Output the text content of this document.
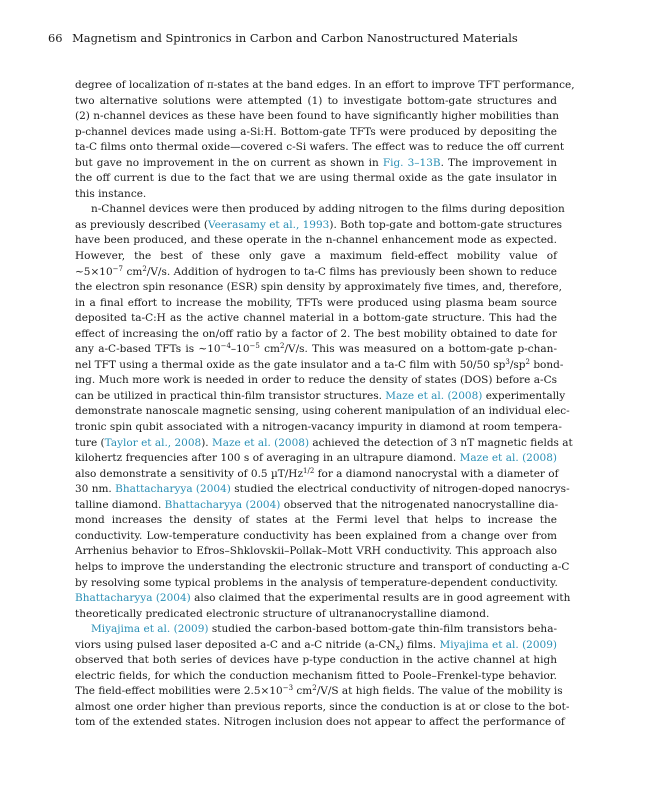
66 Magnetism and Spintronics in Carbon and Carbon Nanostructured Materials
degree of localization of π-states at the band edges. In an effort to improve TFT performance,
two alternative solutions were attempted (1) to investigate bottom-gate structures and
(2) n-channel devices as these have been found to have significantly higher mobilities than
p-channel devices made using a-Si:H. Bottom-gate TFTs were produced by depositing the
ta-C films onto thermal oxide—covered c-Si wafers. The effect was to reduce the off current
but gave no improvement in the on current as shown in Fig. 3–13B. The improvement in
the off current is due to the fact that we are using thermal oxide as the gate insulator in
this instance.
n-Channel devices were then produced by adding nitrogen to the films during deposition
as previously described (Veerasamy et al., 1993). Both top-gate and bottom-gate structures
have been produced, and these operate in the n-channel enhancement mode as expected.
However, the best of these only gave a maximum field-effect mobility value of
$\sim 5\times 10^{-7}$ $cm^2/V/s$. Addition of hydrogen to ta-C films has previously been shown to reduce
the electron spin resonance (ESR) spin density by approximately five times, and, therefore,
in a final effort to increase the mobility, TFTs were produced using plasma beam source
deposited ta-C:H as the active channel material in a bottom-gate structure. This had the
effect of increasing the on/off ratio by a factor of 2. The best mobility obtained to date for
any a-C-based TFTs is $\sim 10^{-4}-10^{-5}$ $cm^2/V/s$. This was measured on a bottom-gate p-chan-
nel TFT using a thermal oxide as the gate insulator and a ta-C film with 50/50 $sp^3/sp^2$ bond-
ing. Much more work is needed in order to reduce the density of states (DOS) before a-Cs
can be utilized in practical thin-film transistor structures. Maze et al. (2008) experimentally
demonstrate nanoscale magnetic sensing, using coherent manipulation of an individual elec-
tronic spin qubit associated with a nitrogen-vacancy impurity in diamond at room tempera-
ture (Taylor et al., 2008). Maze et al. (2008) achieved the detection of 3 nT magnetic fields at
kilohertz frequencies after 100 s of averaging in an ultrapure diamond. Maze et al. (2008)
also demonstrate a sensitivity of 0.5 $\mu T/Hz^{1/2}$ for a diamond nanocrystal with a diameter of
30 nm. Bhattacharyya (2004) studied the electrical conductivity of nitrogen-doped nanocrys-
talline diamond. Bhattacharyya (2004) observed that the nitrogenated nanocrystalline dia-
mond increases the density of states at the Fermi level that helps to increase the
conductivity. Low-temperature conductivity has been explained from a change over from
Arrhenius behavior to Efros–Shklovskii–Pollak–Mott VRH conductivity. This approach also
helps to improve the understanding the electronic structure and transport of conducting a-C
by resolving some typical problems in the analysis of temperature-dependent conductivity.
Bhattacharyya (2004) also claimed that the experimental results are in good agreement with
theoretically predicated electronic structure of ultrananocrystalline diamond.
Miyajima et al. (2009) studied the carbon-based bottom-gate thin-film transistors beha-
viors using pulsed laser deposited a-C and a-C nitride $(a-CN_x)$ films. Miyajima et al. (2009)
observed that both series of devices have p-type conduction in the active channel at high
electric fields, for which the conduction mechanism fitted to Poole–Frenkel-type behavior.
The field-effect mobilities were $2.5\times 10^{-3}$ $cm^2/V/S$ at high fields. The value of the mobility is
almost one order higher than previous reports, since the conduction is at or close to the bot-
tom of the extended states. Nitrogen inclusion does not appear to affect the performance of
